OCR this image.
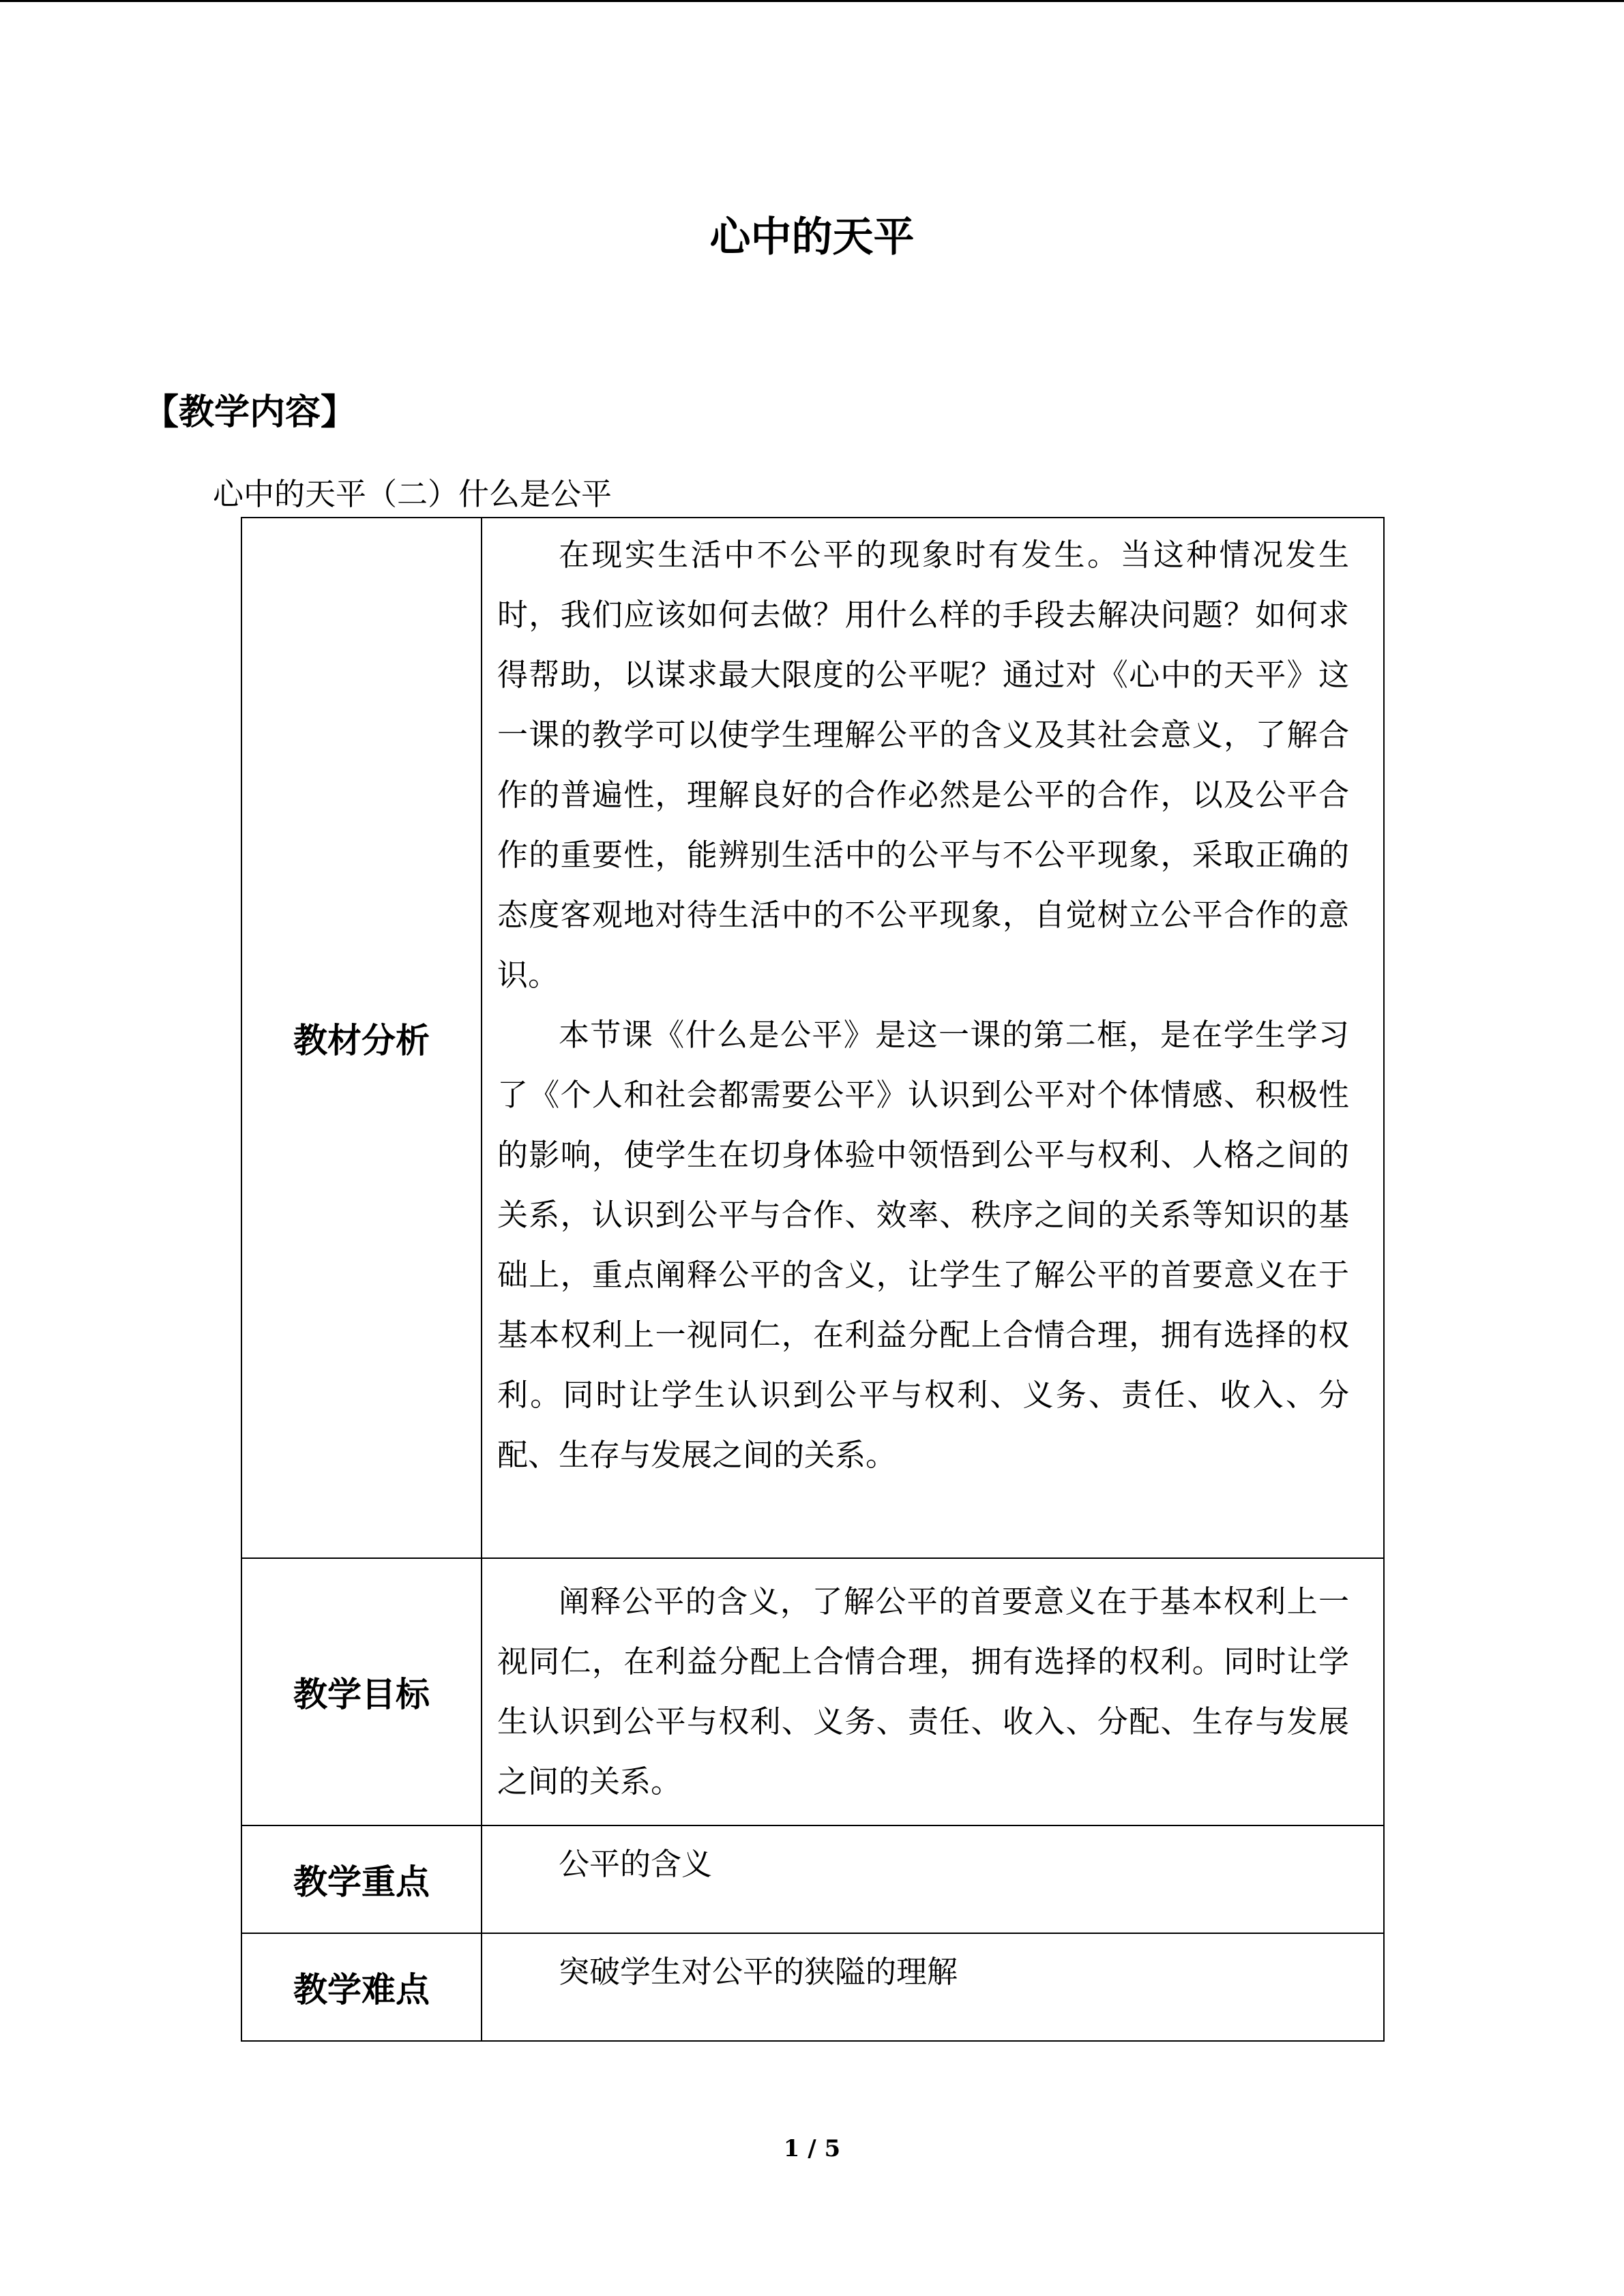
心中的天平
【教学内容】

心中的天平（二）什么是公平

教材分析	在现实生活中不公平的现象时有发生。当这种情况发生时，我们应该如何去做？用什么样的手段去解决问题？如何求得帮助，以谋求最大限度的公平呢？通过对《心中的天平》这一课的教学可以使学生理解公平的含义及其社会意义，了解合作的普遍性，理解良好的合作必然是公平的合作，以及公平合作的重要性，能辨别生活中的公平与不公平现象，采取正确的态度客观地对待生活中的不公平现象，自觉树立公平合作的意识。

本节课《什么是公平》是这一课的第二框，是在学生学习了《个人和社会都需要公平》认识到公平对个体情感、积极性的影响，使学生在切身体验中领悟到公平与权利、人格之间的关系，认识到公平与合作、效率、秩序之间的关系等知识的基础上，重点阐释公平的含义，让学生了解公平的首要意义在于基本权利上一视同仁，在利益分配上合情合理，拥有选择的权利。同时让学生认识到公平与权利、义务、责任、收入、分配、生存与发展之间的关系。

教学目标	阐释公平的含义，了解公平的首要意义在于基本权利上一视同仁，在利益分配上合情合理，拥有选择的权利。同时让学生认识到公平与权利、义务、责任、收入、分配、生存与发展之间的关系。

教学重点	公平的含义

教学难点	突破学生对公平的狭隘的理解

1 / 5
